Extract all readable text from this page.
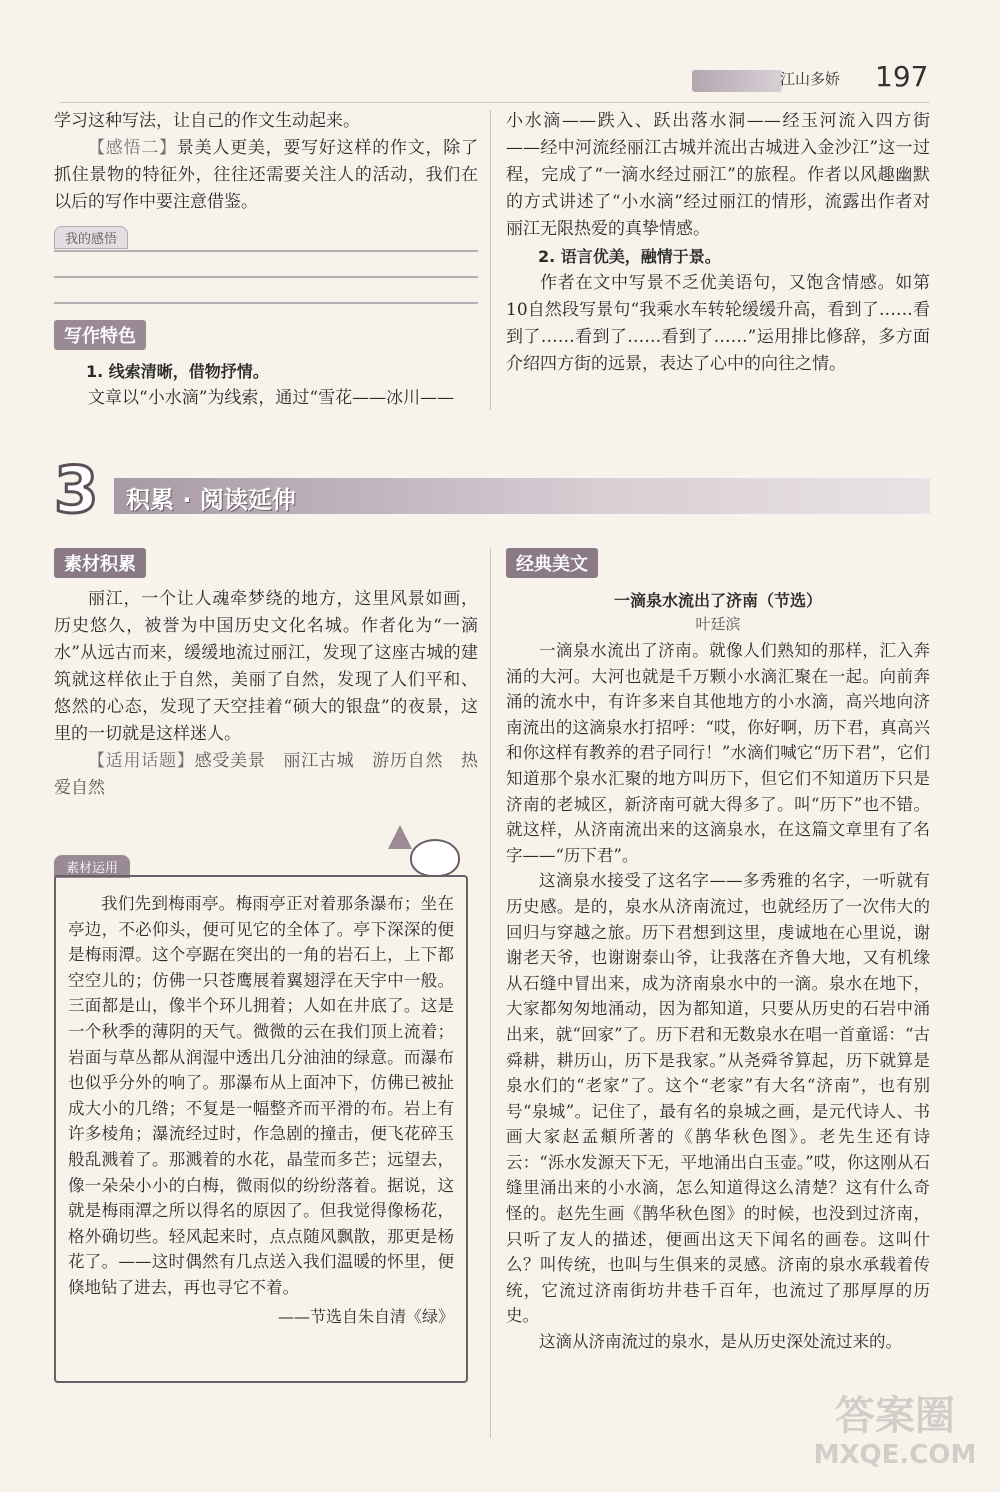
江山多娇 197

学习这种写法，让自己的作文生动起来。

【感悟二】景美人更美，要写好这样的作文，除了抓住景物的特征外，往往还需要关注人的活动，我们在以后的写作中要注意借鉴。

我的感悟
写作特色

1. 线索清晰，借物抒情。

文章以“小水滴”为线索，通过“雪花——冰川——

小水滴——跌入、跃出落水洞——经玉河流入四方街——经中河流经丽江古城并流出古城进入金沙江”这一过程，完成了“一滴水经过丽江”的旅程。作者以风趣幽默的方式讲述了“小水滴”经过丽江的情形，流露出作者对丽江无限热爱的真挚情感。

2. 语言优美，融情于景。

作者在文中写景不乏优美语句，又饱含情感。如第10自然段写景句“我乘水车转轮缓缓升高，看到了……看到了……看到了……看到了……”运用排比修辞，多方面介绍四方街的远景，表达了心中的向往之情。

3 积累 · 阅读延伸
素材积累

丽江，一个让人魂牵梦绕的地方，这里风景如画，历史悠久，被誉为中国历史文化名城。作者化为“一滴水”从远古而来，缓缓地流过丽江，发现了这座古城的建筑就这样依止于自然，美丽了自然，发现了人们平和、悠然的心态，发现了天空挂着“硕大的银盘”的夜景，这里的一切就是这样迷人。

【适用话题】感受美景　丽江古城　游历自然　热爱自然

素材运用

我们先到梅雨亭。梅雨亭正对着那条瀑布；坐在亭边，不必仰头，便可见它的全体了。亭下深深的便是梅雨潭。这个亭踞在突出的一角的岩石上，上下都空空儿的；仿佛一只苍鹰展着翼翅浮在天宇中一般。三面都是山，像半个环儿拥着；人如在井底了。这是一个秋季的薄阴的天气。微微的云在我们顶上流着；岩面与草丛都从润湿中透出几分油油的绿意。而瀑布也似乎分外的响了。那瀑布从上面冲下，仿佛已被扯成大小的几绺；不复是一幅整齐而平滑的布。岩上有许多棱角；瀑流经过时，作急剧的撞击，便飞花碎玉般乱溅着了。那溅着的水花，晶莹而多芒；远望去，像一朵朵小小的白梅，微雨似的纷纷落着。据说，这就是梅雨潭之所以得名的原因了。但我觉得像杨花，格外确切些。轻风起来时，点点随风飘散，那更是杨花了。——这时偶然有几点送入我们温暖的怀里，便倏地钻了进去，再也寻它不着。

——节选自朱自清《绿》
经典美文
一滴泉水流出了济南（节选）
叶廷滨

一滴泉水流出了济南。就像人们熟知的那样，汇入奔涌的大河。大河也就是千万颗小水滴汇聚在一起。向前奔涌的流水中，有许多来自其他地方的小水滴，高兴地向济南流出的这滴泉水打招呼：“哎，你好啊，历下君，真高兴和你这样有教养的君子同行！”水滴们喊它“历下君”，它们知道那个泉水汇聚的地方叫历下，但它们不知道历下只是济南的老城区，新济南可就大得多了。叫“历下”也不错。就这样，从济南流出来的这滴泉水，在这篇文章里有了名字——“历下君”。

这滴泉水接受了这名字——多秀雅的名字，一听就有历史感。是的，泉水从济南流过，也就经历了一次伟大的回归与穿越之旅。历下君想到这里，虔诚地在心里说，谢谢老天爷，也谢谢泰山爷，让我落在齐鲁大地，又有机缘从石缝中冒出来，成为济南泉水中的一滴。泉水在地下，大家都匆匆地涌动，因为都知道，只要从历史的石岩中涌出来，就“回家”了。历下君和无数泉水在唱一首童谣：“古舜耕，耕历山，历下是我家。”从尧舜爷算起，历下就算是泉水们的“老家”了。这个“老家”有大名“济南”，也有别号“泉城”。记住了，最有名的泉城之画，是元代诗人、书画大家赵孟頫所著的《鹊华秋色图》。老先生还有诗云：“泺水发源天下无，平地涌出白玉壶。”哎，你这刚从石缝里涌出来的小水滴，怎么知道得这么清楚？这有什么奇怪的。赵先生画《鹊华秋色图》的时候，也没到过济南，只听了友人的描述，便画出这天下闻名的画卷。这叫什么？叫传统，也叫与生俱来的灵感。济南的泉水承载着传统，它流过济南街坊井巷千百年，也流过了那厚厚的历史。

这滴从济南流过的泉水，是从历史深处流过来的。

答案圈
MXQE.COM
